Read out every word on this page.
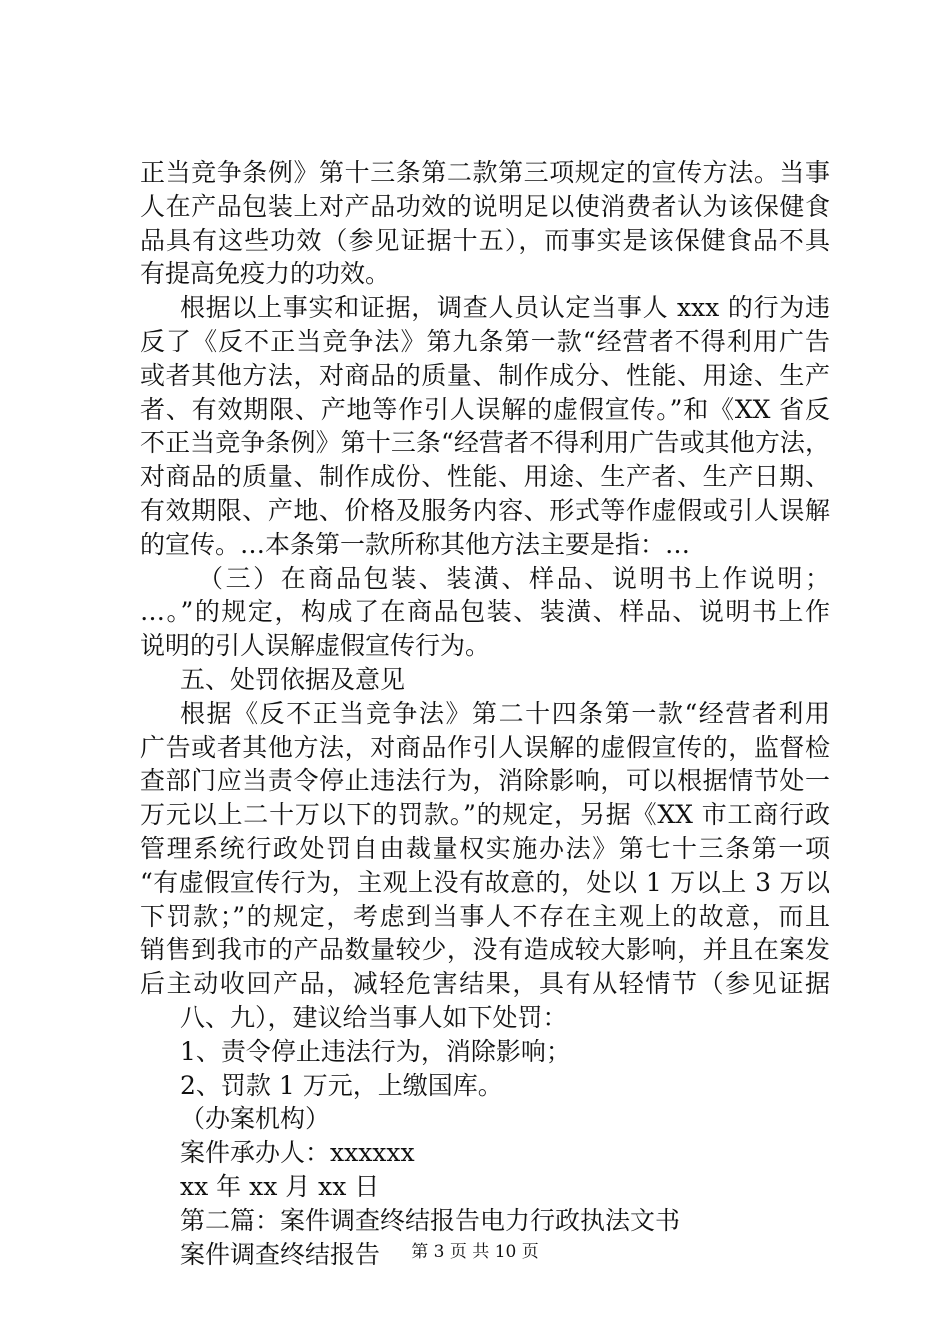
正当竞争条例》第十三条第二款第三项规定的宣传方法。当事
人在产品包装上对产品功效的说明足以使消费者认为该保健食
品具有这些功效（参见证据十五），而事实是该保健食品不具
有提高免疫力的功效。
根据以上事实和证据，调查人员认定当事人 xxx 的行为违
反了《反不正当竞争法》第九条第一款“经营者不得利用广告
或者其他方法，对商品的质量、制作成分、性能、用途、生产
者、有效期限、产地等作引人误解的虚假宣传。”和《XX 省反
不正当竞争条例》第十三条“经营者不得利用广告或其他方法，
对商品的质量、制作成份、性能、用途、生产者、生产日期、
有效期限、产地、价格及服务内容、形式等作虚假或引人误解
的宣传。…本条第一款所称其他方法主要是指：…
（三）在商品包装、装潢、样品、说明书上作说明；
…。”的规定，构成了在商品包装、装潢、样品、说明书上作
说明的引人误解虚假宣传行为。
五、处罚依据及意见
根据《反不正当竞争法》第二十四条第一款“经营者利用
广告或者其他方法，对商品作引人误解的虚假宣传的，监督检
查部门应当责令停止违法行为，消除影响，可以根据情节处一
万元以上二十万以下的罚款。”的规定，另据《XX 市工商行政
管理系统行政处罚自由裁量权实施办法》第七十三条第一项
“有虚假宣传行为，主观上没有故意的，处以 1 万以上 3 万以
下罚款；”的规定，考虑到当事人不存在主观上的故意，而且
销售到我市的产品数量较少，没有造成较大影响，并且在案发
后主动收回产品，减轻危害结果，具有从轻情节（参见证据
八、九），建议给当事人如下处罚：
1、责令停止违法行为，消除影响；
2、罚款 1 万元，上缴国库。
（办案机构）
案件承办人：xxxxxx
xx 年 xx 月 xx 日
第二篇：案件调查终结报告电力行政执法文书
案件调查终结报告	第 3 页 共 10 页
